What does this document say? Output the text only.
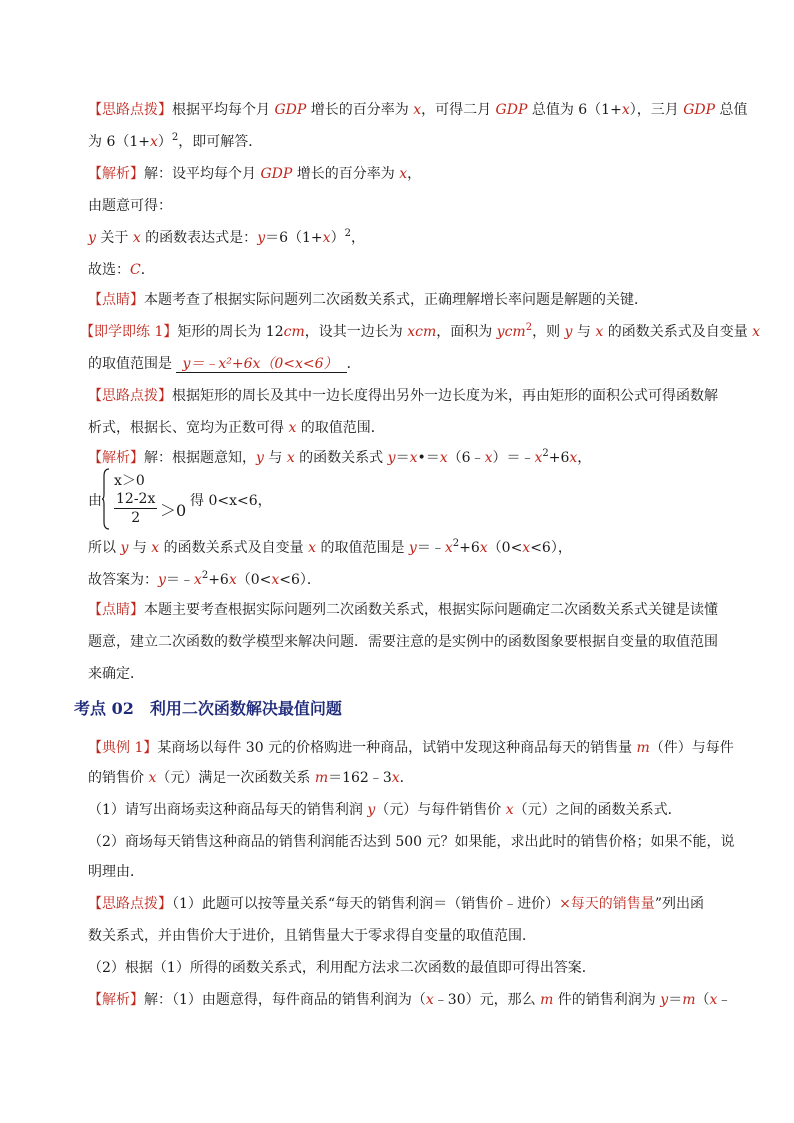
【思路点拨】根据平均每个月 GDP 增长的百分率为 x，可得二月 GDP 总值为 6（1+x），三月 GDP 总值
为 $6(1+x)^2$，即可解答．
【解析】解：设平均每个月 GDP 增长的百分率为 x，
由题意可得：
y 关于 x 的函数表达式是：$y=6(1+x)^2$，
故选：C．
【点睛】本题考查了根据实际问题列二次函数关系式，正确理解增长率问题是解题的关键．
【即学即练 1】矩形的周长为 12cm，设其一边长为 xcm，面积为 ycm$^2$，则 y 与 x 的函数关系式及自变量 x
的取值范围是 y＝﹣x²+6x（0<x<6） ．
【思路点拨】根据矩形的周长及其中一边长度得出另外一边长度为米，再由矩形的面积公式可得函数解
析式，根据长、宽均为正数可得 x 的取值范围．
【解析】解：根据题意知，y 与 x 的函数关系式 $y=x•=x(6﹣x)=﹣x^2+6x$，
所以 y 与 x 的函数关系式及自变量 x 的取值范围是 $y=﹣x^2+6x(0<x<6)$，
故答案为：$y=﹣x^2+6x(0<x<6)$．
【点睛】本题主要考查根据实际问题列二次函数关系式，根据实际问题确定二次函数关系式关键是读懂
题意，建立二次函数的数学模型来解决问题．需要注意的是实例中的函数图象要根据自变量的取值范围
来确定．
【典例 1】某商场以每件 30 元的价格购进一种商品，试销中发现这种商品每天的销售量 m（件）与每件
的销售价 x（元）满足一次函数关系 m＝162﹣3x．
（1）请写出商场卖这种商品每天的销售利润 y（元）与每件销售价 x（元）之间的函数关系式．
（2）商场每天销售这种商品的销售利润能否达到 500 元？如果能，求出此时的销售价格；如果不能，说
明理由．
【思路点拨】（1）此题可以按等量关系“每天的销售利润＝（销售价﹣进价）×每天的销售量”列出函
数关系式，并由售价大于进价，且销售量大于零求得自变量的取值范围．
（2）根据（1）所得的函数关系式，利用配方法求二次函数的最值即可得出答案．
【解析】解：（1）由题意得，每件商品的销售利润为（x﹣30）元，那么 m 件的销售利润为 y＝m（x﹣
考点 02　利用二次函数解决最值问题
由
x＞0
$\frac{12-2x}{2} >0$ 得 0<x<6，
